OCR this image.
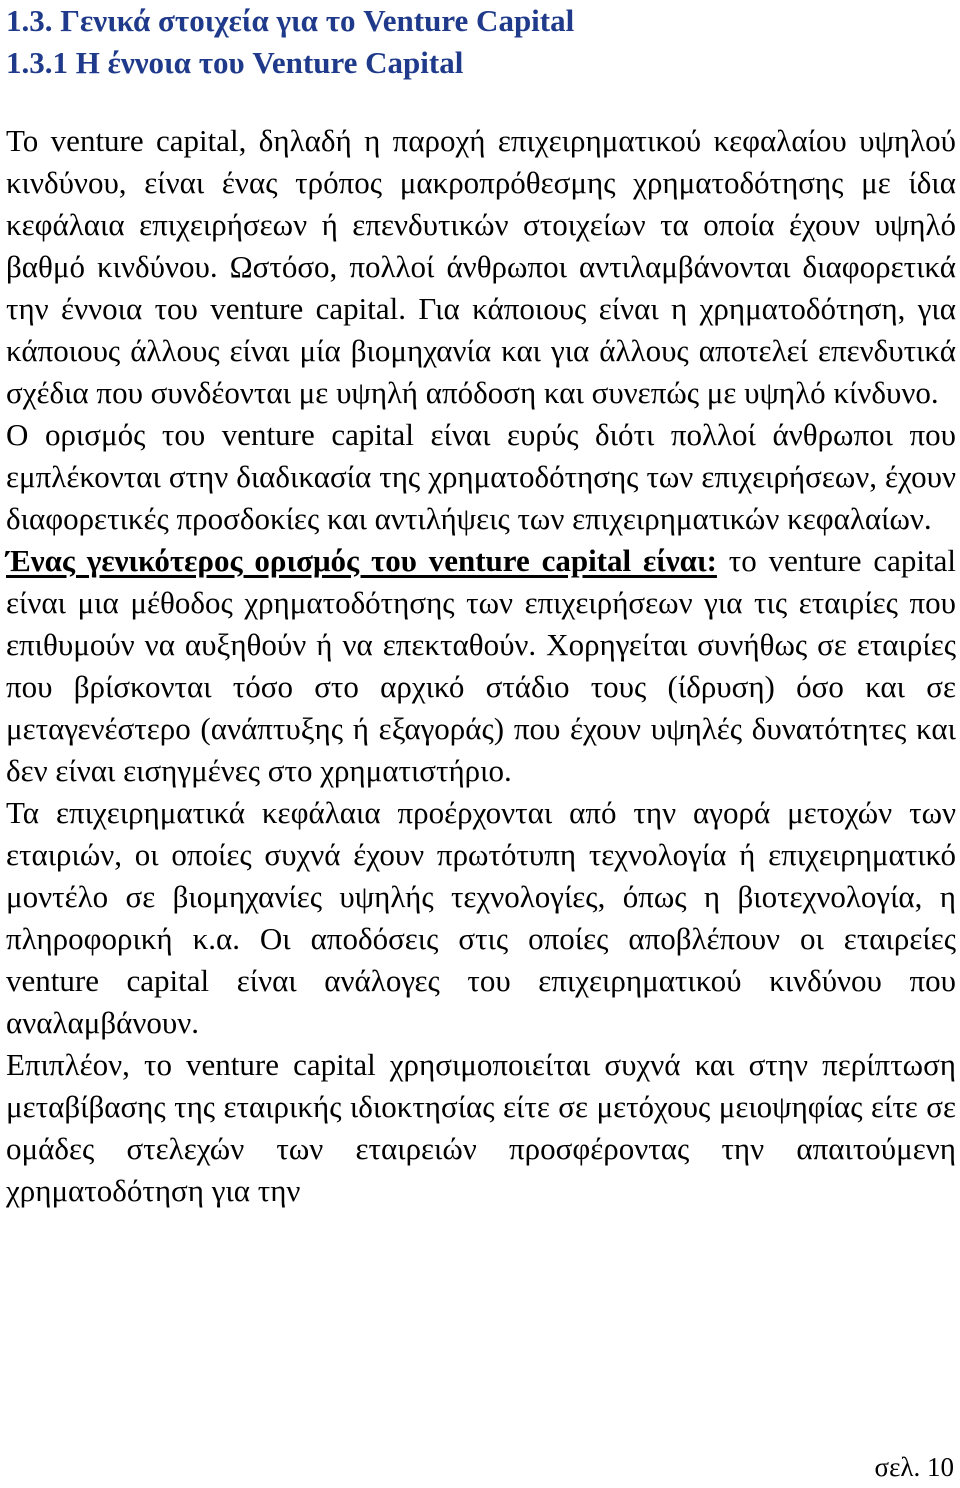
1.3. Γενικά στοιχεία για το Venture Capital
1.3.1 Η έννοια του Venture Capital

Το venture capital, δηλαδή η παροχή επιχειρηματικού κεφαλαίου υψηλού κινδύνου, είναι ένας τρόπος μακροπρόθεσμης χρηματοδότησης με ίδια κεφάλαια επιχειρήσεων ή επενδυτικών στοιχείων τα οποία έχουν υψηλό βαθμό κινδύνου. Ωστόσο, πολλοί άνθρωποι αντιλαμβάνονται διαφορετικά την έννοια του venture capital. Για κάποιους είναι η χρηματοδότηση, για κάποιους άλλους είναι μία βιομηχανία και για άλλους αποτελεί επενδυτικά σχέδια που συνδέονται με υψηλή απόδοση και συνεπώς με υψηλό κίνδυνο.

Ο ορισμός του venture capital είναι ευρύς διότι πολλοί άνθρωποι που εμπλέκονται στην διαδικασία της χρηματοδότησης των επιχειρήσεων, έχουν διαφορετικές προσδοκίες και αντιλήψεις των επιχειρηματικών κεφαλαίων.

Ένας γενικότερος ορισμός του venture capital είναι: το venture capital είναι μια μέθοδος χρηματοδότησης των επιχειρήσεων για τις εταιρίες που επιθυμούν να αυξηθούν ή να επεκταθούν. Χορηγείται συνήθως σε εταιρίες που βρίσκονται τόσο στο αρχικό στάδιο τους (ίδρυση) όσο και σε μεταγενέστερο (ανάπτυξης ή εξαγοράς) που έχουν υψηλές δυνατότητες και δεν είναι εισηγμένες στο χρηματιστήριο.

Τα επιχειρηματικά κεφάλαια προέρχονται από την αγορά μετοχών των εταιριών, οι οποίες συχνά έχουν πρωτότυπη τεχνολογία ή επιχειρηματικό μοντέλο σε βιομηχανίες υψηλής τεχνολογίες, όπως η βιοτεχνολογία, η πληροφορική κ.α. Οι αποδόσεις στις οποίες αποβλέπουν οι εταιρείες venture capital είναι ανάλογες του επιχειρηματικού κινδύνου που αναλαμβάνουν.

Επιπλέον, το venture capital χρησιμοποιείται συχνά και στην περίπτωση μεταβίβασης της εταιρικής ιδιοκτησίας είτε σε μετόχους μειοψηφίας είτε σε ομάδες στελεχών των εταιρειών προσφέροντας την απαιτούμενη χρηματοδότηση για την

σελ. 10
